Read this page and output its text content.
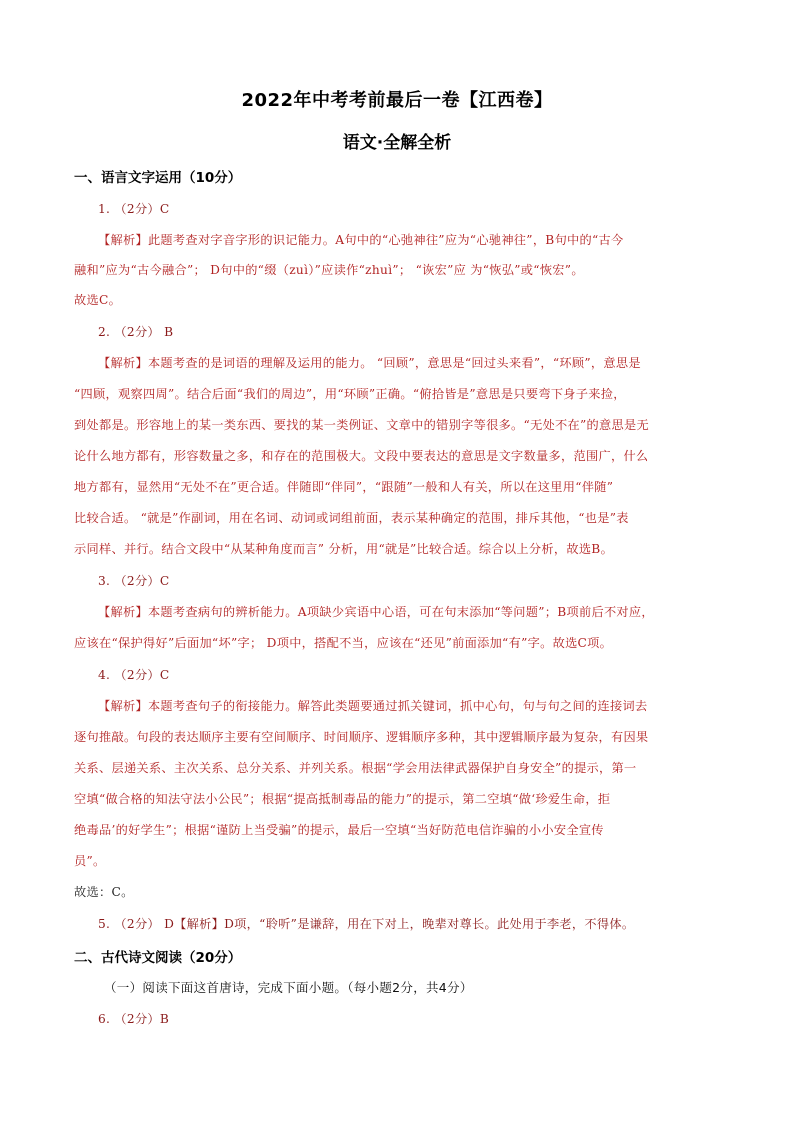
2022年中考考前最后一卷【江西卷】
语文·全解全析
一、语言文字运用（10分）
1. （2分）C
【解析】此题考查对字音字形的识记能力。A句中的“心弛神往”应为“心驰神往”，B句中的“古今
融和”应为“古今融合”； D句中的“缀（zuì）”应读作“zhuì”； “诙宏”应 为“恢弘”或“恢宏”。
故选C。
2. （2分） B
【解析】本题考查的是词语的理解及运用的能力。 “回顾”，意思是“回过头来看”，“环顾”，意思是
“四顾，观察四周”。结合后面“我们的周边”，用“环顾”正确。“俯拾皆是”意思是只要弯下身子来捡，
到处都是。形容地上的某一类东西、要找的某一类例证、文章中的错别字等很多。“无处不在”的意思是无
论什么地方都有，形容数量之多，和存在的范围极大。文段中要表达的意思是文字数量多，范围广，什么
地方都有，显然用“无处不在”更合适。伴随即“伴同”，“跟随”一般和人有关，所以在这里用“伴随”
比较合适。 “就是”作副词，用在名词、动词或词组前面，表示某种确定的范围，排斥其他，“也是”表
示同样、并行。结合文段中“从某种角度而言” 分析，用“就是”比较合适。综合以上分析，故选B。
3. （2分）C
【解析】本题考查病句的辨析能力。A项缺少宾语中心语，可在句末添加“等问题”；B项前后不对应，
应该在“保护得好”后面加“坏”字； D项中，搭配不当，应该在“还见”前面添加“有”字。故选C项。
4. （2分）C
【解析】本题考查句子的衔接能力。解答此类题要通过抓关键词，抓中心句，句与句之间的连接词去
逐句推敲。句段的表达顺序主要有空间顺序、时间顺序、逻辑顺序多种，其中逻辑顺序最为复杂，有因果
关系、层递关系、主次关系、总分关系、并列关系。根据“学会用法律武器保护自身安全”的提示，第一
空填“做合格的知法守法小公民”；根据“提高抵制毒品的能力”的提示，第二空填“做‘珍爱生命，拒
绝毒品’的好学生”；根据“谨防上当受骗”的提示，最后一空填“当好防范电信诈骗的小小安全宣传
员”。
故选：C。
5. （2分） D【解析】D项，“聆听”是谦辞，用在下对上，晚辈对尊长。此处用于李老，不得体。
二、古代诗文阅读（20分）
（一）阅读下面这首唐诗，完成下面小题。（每小题2分，共4分）
6. （2分）B
